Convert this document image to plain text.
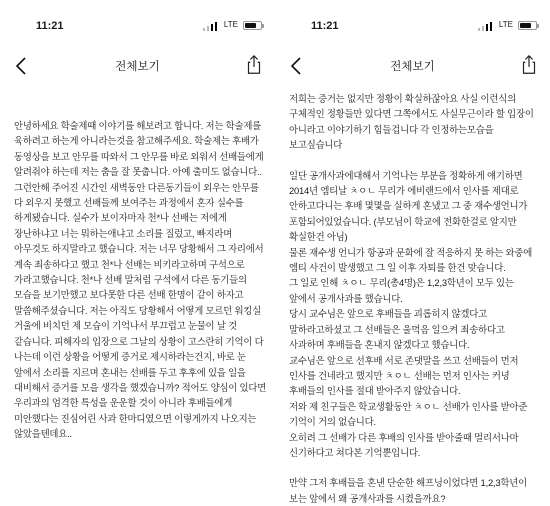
11:21	LTE
전체보기

안녕하세요 학술제때 이야기를 해보려고 합니다. 저는 학술제를 육하려고 하는게 아니라는것을 참고해주세요. 학술제는 후배가 동영상을 보고 안무를 따와서 그 안무를 바로 외워서 선배들에게 알려줘야 하는데 저는 춤을 잘 못춥니다. 아예 출미도 없습니다.. 그런안해 주어진 시간인 새벽동안 다른동기들이 외우는 안무를 다 외우지 못했고 선배들께 보여주는 과정에서 혼자 실수를 하게됐습니다. 실수가 보이자마자 천*나 선배는 저에게 장난하냐고 너는 뭐하는애냐고 소리를 질렀고, 빠지라며 아무것도 하지말라고 했습니다. 저는 너무 당황해서 그 자리에서 계속 죄송하다고 했고 천*나 선배는 비키라고하며 구석으로 가라고했습니다. 천*나 선배 말처럼 구석에서 다른 동기들의 모습을 보기만했고 보다못한 다른 선배 한명이 같이 하자고 말씀해주셨습니다. 저는 아직도 당황해서 어떻게 모르던 워킹실 거울에 비치던 제 모습이 기억나서 부끄럽고 눈물이 날 것 같습니다. 피해자의 입장으로 그날의 상황이 고스란히 기억이 다 나는데 이런 상황을 어떻게 증거로 제시하라는건지, 바로 눈 앞에서 소리를 지르며 혼내는 선배를 두고 후후에 있을 일을 대비해서 증거를 모을 생각을 했겠습니까? 적어도 양심이 있다면 우리과의 엄격한 특성을 운운할 것이 아니라 후배들에게 미안했다는 진심어린 사과 한마디였으면 이렇게까지 나오지는 않았을텐데요..

11:21	LTE
전체보기

저희는 증거는 없지만 정황이 확실하잖아요 사실 이런식의 구체적인 정황들만 있다면 그쪽에서도 사실무근이라 할 입장이 아니라고 이야기하기 힘들겁니다 각 인정하는모습을 보고싶습니다

일단 공개사과에대해서 기억나는 부분을 정확하게 얘기하면 2014년 엠티날 ㅊㅇㄴ 무리가 에비랜드에서 인사를 제대로 안하고다니는 후배 몇몇을 실하게 혼냈고 그 중 재수생언니가 포함되어있었습니다. (부모님이 학교에 전화한걸로 알지만 확실한건 아님)

물론 재수생 언니가 항공과 문화에 잘 적응하지 못 하는 와중에 엠티 사건이 발생했고 그 일 이후 자퇴를 한건 맞습니다.

그 일로 인해 ㅊㅇㄴ 무리(총4명)은 1,2,3학년이 모두 있는 앞에서 공개사과를 했습니다.

당시 교수님은 앞으로 후배들을 괴롭히지 않겠다고 말하라고하셨고 그 선배들은 울먹음 일으켜 죄송하다고 사과하며 후배들을 혼내지 않겠다고 했습니다.

교수님은 앞으로 선후배 서로 존댓말을 쓰고 선배들이 먼저 인사를 건네라고 했지만 ㅊㅇㄴ 선배는 먼저 인사는 커녕 후배들의 인사를 절대 받아주지 않았습니다.

저와 제 친구들은 학교생활동안 ㅊㅇㄴ 선배가 인사를 받아준 기억이 거의 없습니다.

오히려 그 선배가 다른 후배의 인사를 받아줄때 멀리서나마 신기하다고 쳐다본 기억뿐입니다.

만약 그저 후배들을 혼낸 단순한 해프닝이었다면 1,2,3학년이 보는 앞에서 왜 공개사과를 시켰을까요?
